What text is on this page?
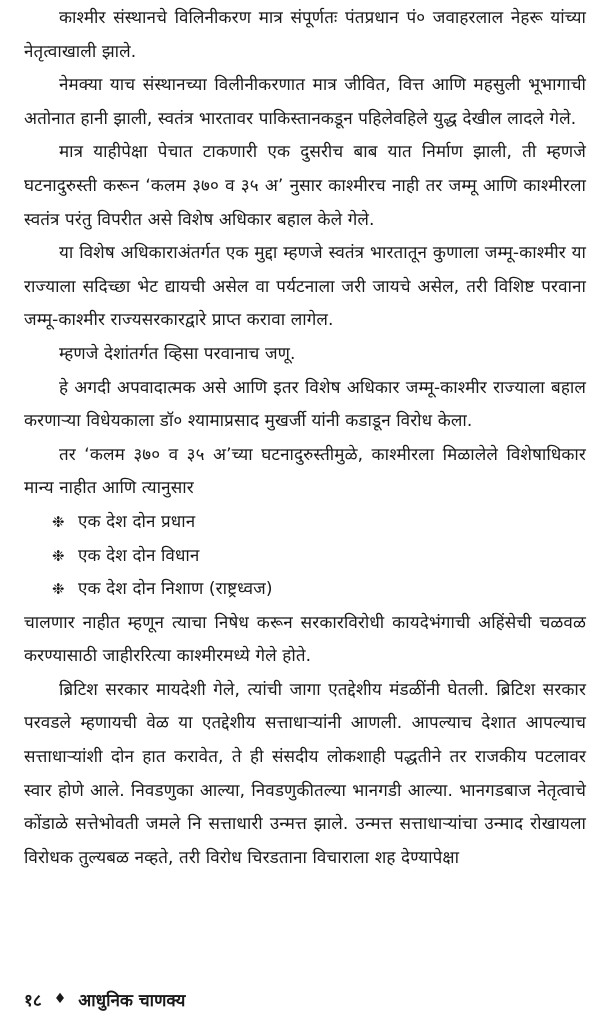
काश्मीर संस्थानचे विलिनीकरण मात्र संपूर्णतः पंतप्रधान पं० जवाहरलाल नेहरू यांच्या नेतृत्वाखाली झाले.

नेमक्या याच संस्थानच्या विलीनीकरणात मात्र जीवित, वित्त आणि महसुली भूभागाची अतोनात हानी झाली, स्वतंत्र भारतावर पाकिस्तानकडून पहिलेवहिले युद्ध देखील लादले गेले.

मात्र याहीपेक्षा पेचात टाकणारी एक दुसरीच बाब यात निर्माण झाली, ती म्हणजे घटनादुरुस्ती करून ‘कलम ३७० व ३५ अ’ नुसार काश्मीरच नाही तर जम्मू आणि काश्मीरला स्वतंत्र परंतु विपरीत असे विशेष अधिकार बहाल केले गेले.

या विशेष अधिकाराअंतर्गत एक मुद्दा म्हणजे स्वतंत्र भारतातून कुणाला जम्मू-काश्मीर या राज्याला सदिच्छा भेट द्यायची असेल वा पर्यटनाला जरी जायचे असेल, तरी विशिष्ट परवाना जम्मू-काश्मीर राज्यसरकारद्वारे प्राप्त करावा लागेल.

म्हणजे देशांतर्गत व्हिसा परवानाच जणू.

हे अगदी अपवादात्मक असे आणि इतर विशेष अधिकार जम्मू-काश्मीर राज्याला बहाल करणाऱ्या विधेयकाला डॉ० श्यामाप्रसाद मुखर्जी यांनी कडाडून विरोध केला.

तर ‘कलम ३७० व ३५ अ’च्या घटनादुरुस्तीमुळे, काश्मीरला मिळालेले विशेषाधिकार मान्य नाहीत आणि त्यानुसार

❉ एक देश दोन प्रधान
❉ एक देश दोन विधान
❉ एक देश दोन निशाण (राष्ट्रध्वज)

चालणार नाहीत म्हणून त्याचा निषेध करून सरकारविरोधी कायदेभंगाची अहिंसेची चळवळ करण्यासाठी जाहीररित्या काश्मीरमध्ये गेले होते.

ब्रिटिश सरकार मायदेशी गेले, त्यांची जागा एतद्देशीय मंडळींनी घेतली. ब्रिटिश सरकार परवडले म्हणायची वेळ या एतद्देशीय सत्ताधाऱ्यांनी आणली. आपल्याच देशात आपल्याच सत्ताधाऱ्यांशी दोन हात करावेत, ते ही संसदीय लोकशाही पद्धतीने तर राजकीय पटलावर स्वार होणे आले. निवडणुका आल्या, निवडणुकीतल्या भानगडी आल्या. भानगडबाज नेतृत्वाचे कोंडाळे सत्तेभोवती जमले नि सत्ताधारी उन्मत्त झाले. उन्मत्त सत्ताधाऱ्यांचा उन्माद रोखायला विरोधक तुल्यबळ नव्हते, तरी विरोध चिरडताना विचाराला शह देण्यापेक्षा

१८ ♦ आधुनिक चाणक्य
